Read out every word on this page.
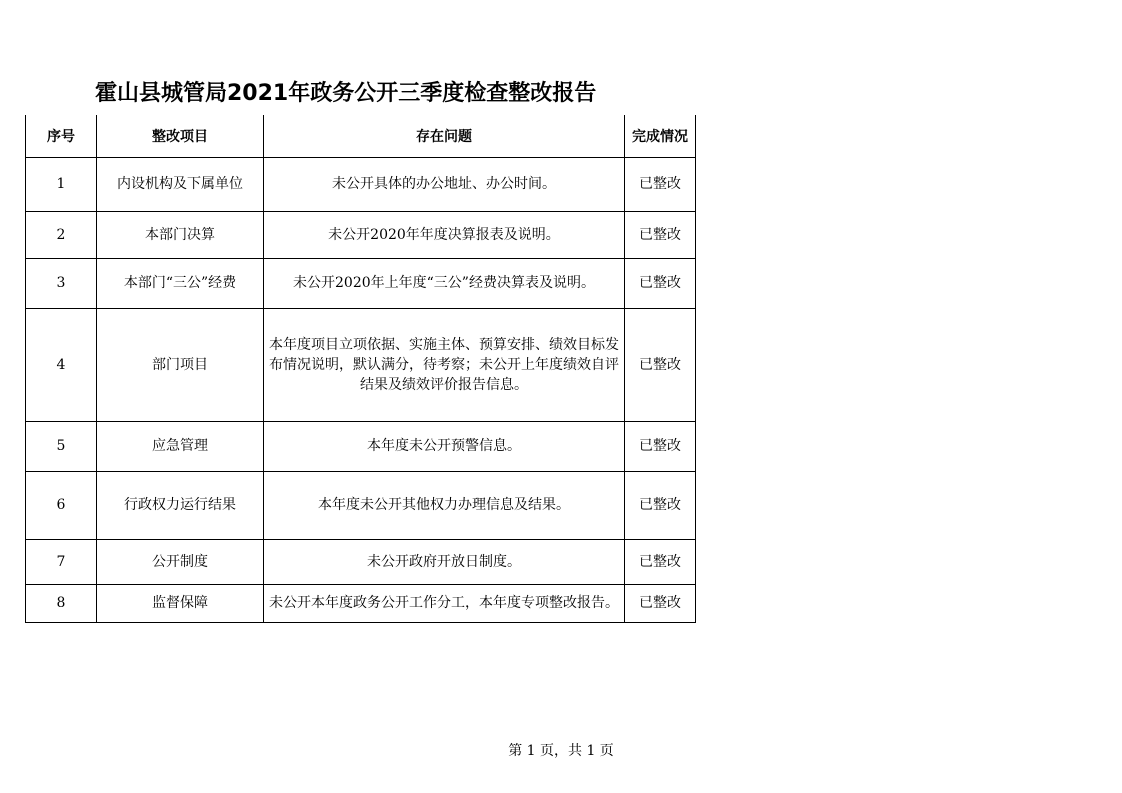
霍山县城管局2021年政务公开三季度检查整改报告
序号	整改项目	存在问题	完成情况
1	内设机构及下属单位	未公开具体的办公地址、办公时间。	已整改
2	本部门决算	未公开2020年年度决算报表及说明。	已整改
3	本部门“三公”经费	未公开2020年上年度“三公”经费决算表及说明。	已整改
4	部门项目	本年度项目立项依据、实施主体、预算安排、绩效目标发布情况说明，默认满分，待考察；未公开上年度绩效自评结果及绩效评价报告信息。	已整改
5	应急管理	本年度未公开预警信息。	已整改
6	行政权力运行结果	本年度未公开其他权力办理信息及结果。	已整改
7	公开制度	未公开政府开放日制度。	已整改
8	监督保障	未公开本年度政务公开工作分工，本年度专项整改报告。	已整改
第 1 页，共 1 页
